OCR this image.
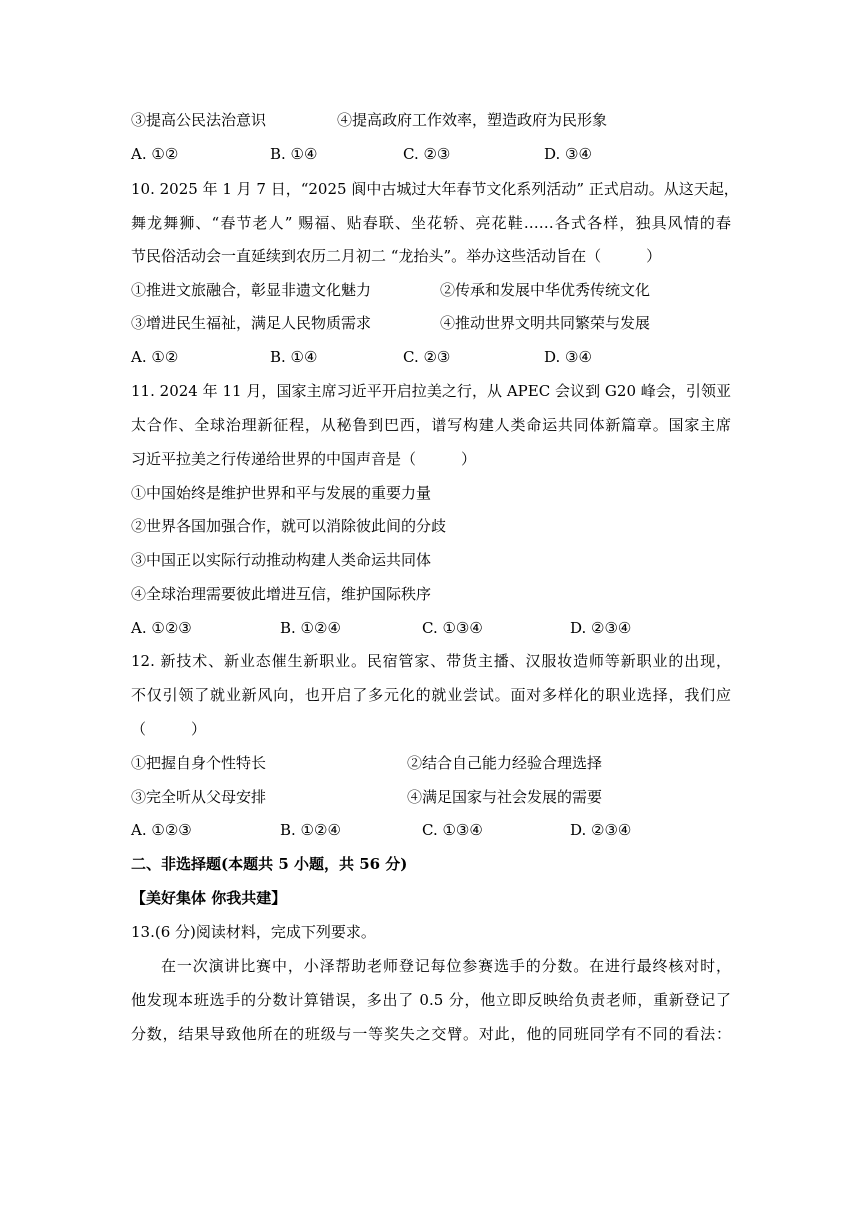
③提高公民法治意识	④提高政府工作效率，塑造政府为民形象
A. ①②	B. ①④	C. ②③	D. ③④
10. 2025 年 1 月 7 日，“2025 阆中古城过大年春节文化系列活动” 正式启动。从这天起，
舞龙舞狮、“春节老人” 赐福、贴春联、坐花轿、亮花鞋……各式各样，独具风情的春
节民俗活动会一直延续到农历二月初二 “龙抬头”。举办这些活动旨在（　　　）
①推进文旅融合，彰显非遗文化魅力	②传承和发展中华优秀传统文化
③增进民生福祉，满足人民物质需求	④推动世界文明共同繁荣与发展
A. ①②	B. ①④	C. ②③	D. ③④
11. 2024 年 11 月，国家主席习近平开启拉美之行，从 APEC 会议到 G20 峰会，引领亚
太合作、全球治理新征程，从秘鲁到巴西，谱写构建人类命运共同体新篇章。国家主席
习近平拉美之行传递给世界的中国声音是（　　　）
①中国始终是维护世界和平与发展的重要力量
②世界各国加强合作，就可以消除彼此间的分歧
③中国正以实际行动推动构建人类命运共同体
④全球治理需要彼此增进互信，维护国际秩序
A. ①②③	B. ①②④	C. ①③④	D. ②③④
12. 新技术、新业态催生新职业。民宿管家、带货主播、汉服妆造师等新职业的出现，
不仅引领了就业新风向，也开启了多元化的就业尝试。面对多样化的职业选择，我们应
（　　　）
①把握自身个性特长	②结合自己能力经验合理选择
③完全听从父母安排	④满足国家与社会发展的需要
A. ①②③	B. ①②④	C. ①③④	D. ②③④
二、非选择题(本题共 5 小题，共 56 分)
【美好集体 你我共建】
13.(6 分)阅读材料，完成下列要求。
在一次演讲比赛中，小泽帮助老师登记每位参赛选手的分数。在进行最终核对时，
他发现本班选手的分数计算错误，多出了 0.5 分，他立即反映给负责老师，重新登记了
分数，结果导致他所在的班级与一等奖失之交臂。对此，他的同班同学有不同的看法：
